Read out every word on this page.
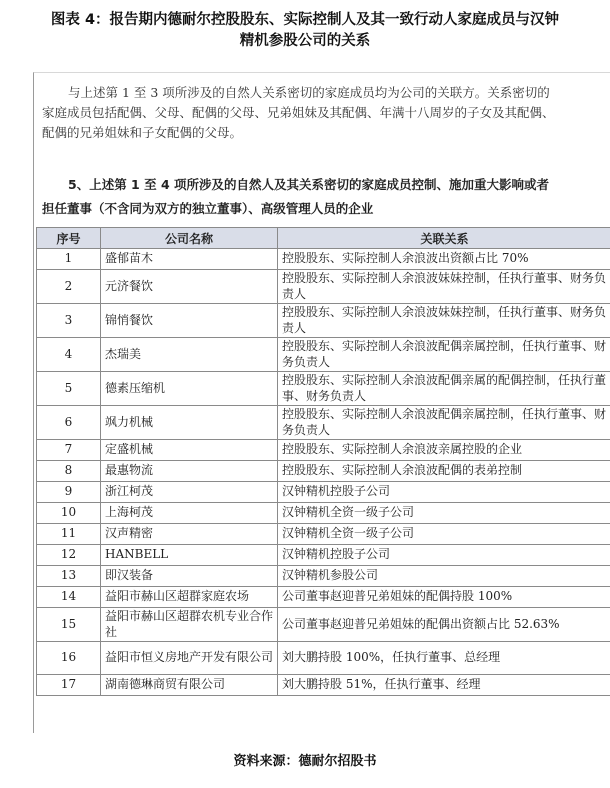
图表 4：报告期内德耐尔控股股东、实际控制人及其一致行动人家庭成员与汉钟
精机参股公司的关系
与上述第 1 至 3 项所涉及的自然人关系密切的家庭成员均为公司的关联方。关系密切的
家庭成员包括配偶、父母、配偶的父母、兄弟姐妹及其配偶、年满十八周岁的子女及其配偶、
配偶的兄弟姐妹和子女配偶的父母。
5、上述第 1 至 4 项所涉及的自然人及其关系密切的家庭成员控制、施加重大影响或者
担任董事（不含同为双方的独立董事）、高级管理人员的企业
序号	公司名称	关联关系
1	盛郁苗木	控股股东、实际控制人余浪波出资额占比 70%
2	元济餐饮	控股股东、实际控制人余浪波妹妹控制，任执行董事、财务负责人
3	锦悄餐饮	控股股东、实际控制人余浪波妹妹控制，任执行董事、财务负责人
4	杰瑞美	控股股东、实际控制人余浪波配偶亲属控制，任执行董事、财务负责人
5	德素压缩机	控股股东、实际控制人余浪波配偶亲属的配偶控制，任执行董事、财务负责人
6	飒力机械	控股股东、实际控制人余浪波配偶亲属控制，任执行董事、财务负责人
7	定盛机械	控股股东、实际控制人余浪波亲属控股的企业
8	最惠物流	控股股东、实际控制人余浪波配偶的表弟控制
9	浙江柯茂	汉钟精机控股子公司
10	上海柯茂	汉钟精机全资一级子公司
11	汉声精密	汉钟精机全资一级子公司
12	HANBELL	汉钟精机控股子公司
13	即汉装备	汉钟精机参股公司
14	益阳市赫山区超群家庭农场	公司董事赵迎普兄弟姐妹的配偶持股 100%
15	益阳市赫山区超群农机专业合作社	公司董事赵迎普兄弟姐妹的配偶出资额占比 52.63%
16	益阳市恒义房地产开发有限公司	刘大鹏持股 100%，任执行董事、总经理
17	湖南德琳商贸有限公司	刘大鹏持股 51%，任执行董事、经理
资料来源：德耐尔招股书
